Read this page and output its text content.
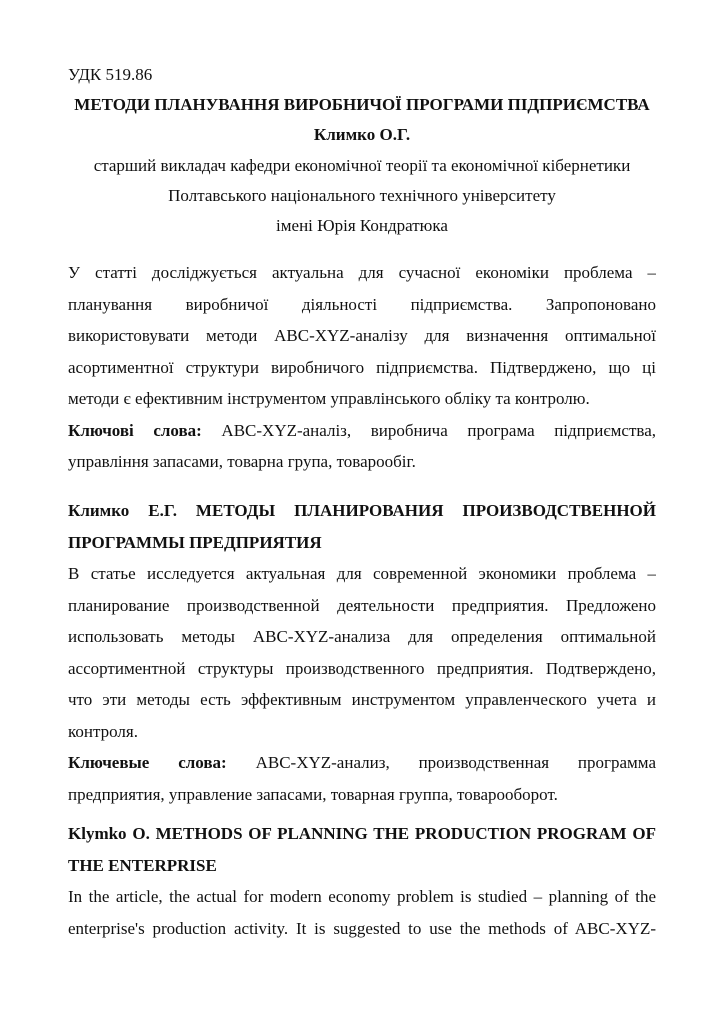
УДК 519.86
МЕТОДИ ПЛАНУВАННЯ ВИРОБНИЧОЇ ПРОГРАМИ ПІДПРИЄМСТВА
Климко О.Г.
старший викладач кафедри економічної теорії та економічної кібернетики
Полтавського національного технічного університету
імені Юрія Кондратюка
У статті досліджується актуальна для сучасної економіки проблема –
планування виробничої діяльності підприємства. Запропоновано
використовувати методи ABC-XYZ-аналізу для визначення оптимальної
асортиментної структури виробничого підприємства. Підтверджено, що ці
методи є ефективним інструментом управлінського обліку та контролю.
Ключові слова: ABC-XYZ-аналіз, виробнича програма підприємства,
управління запасами, товарна група, товарообіг.
Климко Е.Г. МЕТОДЫ ПЛАНИРОВАНИЯ ПРОИЗВОДСТВЕННОЙ
ПРОГРАММЫ ПРЕДПРИЯТИЯ
В статье исследуется актуальная для современной экономики проблема –
планирование производственной деятельности предприятия. Предложено
использовать методы ABC-XYZ-анализа для определения оптимальной
ассортиментной структуры производственного предприятия. Подтверждено,
что эти методы есть эффективным инструментом управленческого учета и
контроля.
Ключевые слова: ABC-XYZ-анализ, производственная программа
предприятия, управление запасами, товарная группа, товарооборот.
Klymko O. METHODS OF PLANNING THE PRODUCTION PROGRAM OF
THE ENTERPRISE
In the article, the actual for modern economy problem is studied – planning of the
enterprise's production activity. It is suggested to use the methods of ABC-XYZ-
